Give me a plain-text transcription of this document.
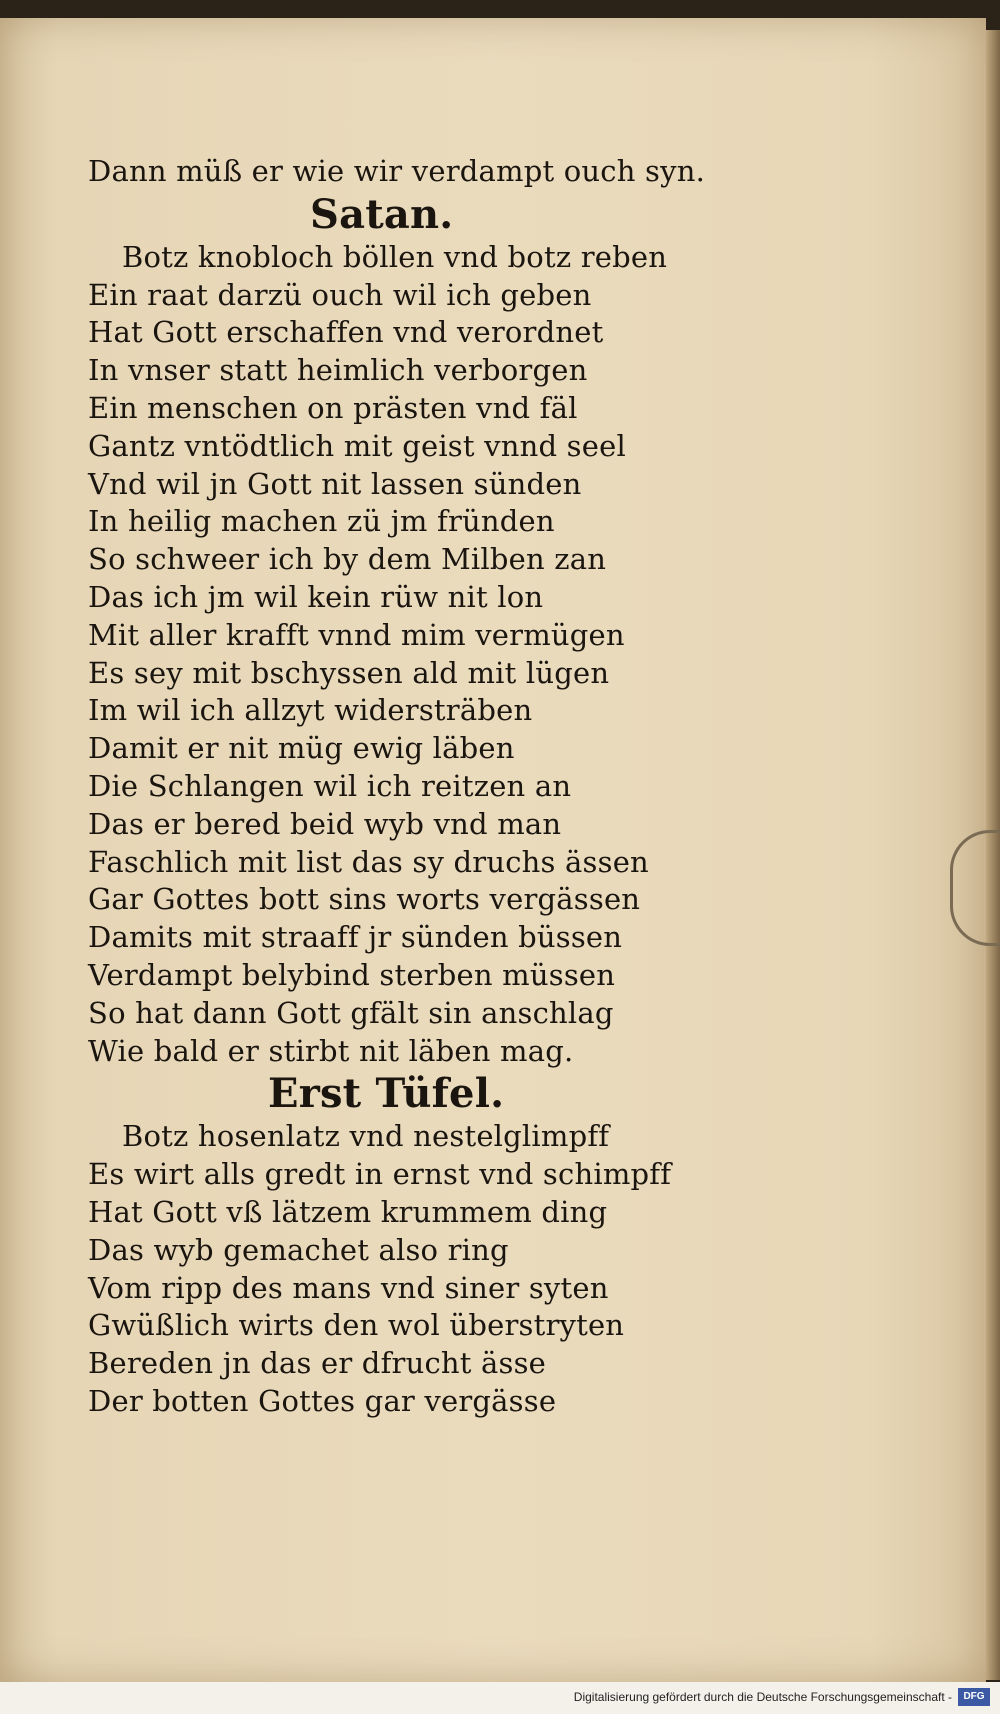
Dann müß er wie wir verdampt ouch syn.
Satan.
Botz knobloch böllen vnd botz reben
Ein raat darzü ouch wil ich geben
Hat Gott erschaffen vnd verordnet
In vnser statt heimlich verborgen
Ein menschen on prästen vnd fäl
Gantz vntödtlich mit geist vnnd seel
Vnd wil jn Gott nit lassen sünden
In heilig machen zü jm fründen
So schweer ich by dem Milben zan
Das ich jm wil kein rüw nit lon
Mit aller krafft vnnd mim vermügen
Es sey mit bschyssen ald mit lügen
Im wil ich allzyt widersträben
Damit er nit müg ewig läben
Die Schlangen wil ich reitzen an
Das er bered beid wyb vnd man
Faschlich mit list das sy druchs ässen
Gar Gottes bott sins worts vergässen
Damits mit straaff jr sünden büssen
Verdampt belybind sterben müssen
So hat dann Gott gfält sin anschlag
Wie bald er stirbt nit läben mag.
Erst Tüfel.
Botz hosenlatz vnd nestelglimpff
Es wirt alls gredt in ernst vnd schimpff
Hat Gott vß lätzem krummem ding
Das wyb gemachet also ring
Vom ripp des mans vnd siner syten
Gwüßlich wirts den wol überstryten
Bereden jn das er dfrucht ässe
Der botten Gottes gar vergässe
Digitalisierung gefördert durch die Deutsche Forschungsgemeinschaft -	DFG
